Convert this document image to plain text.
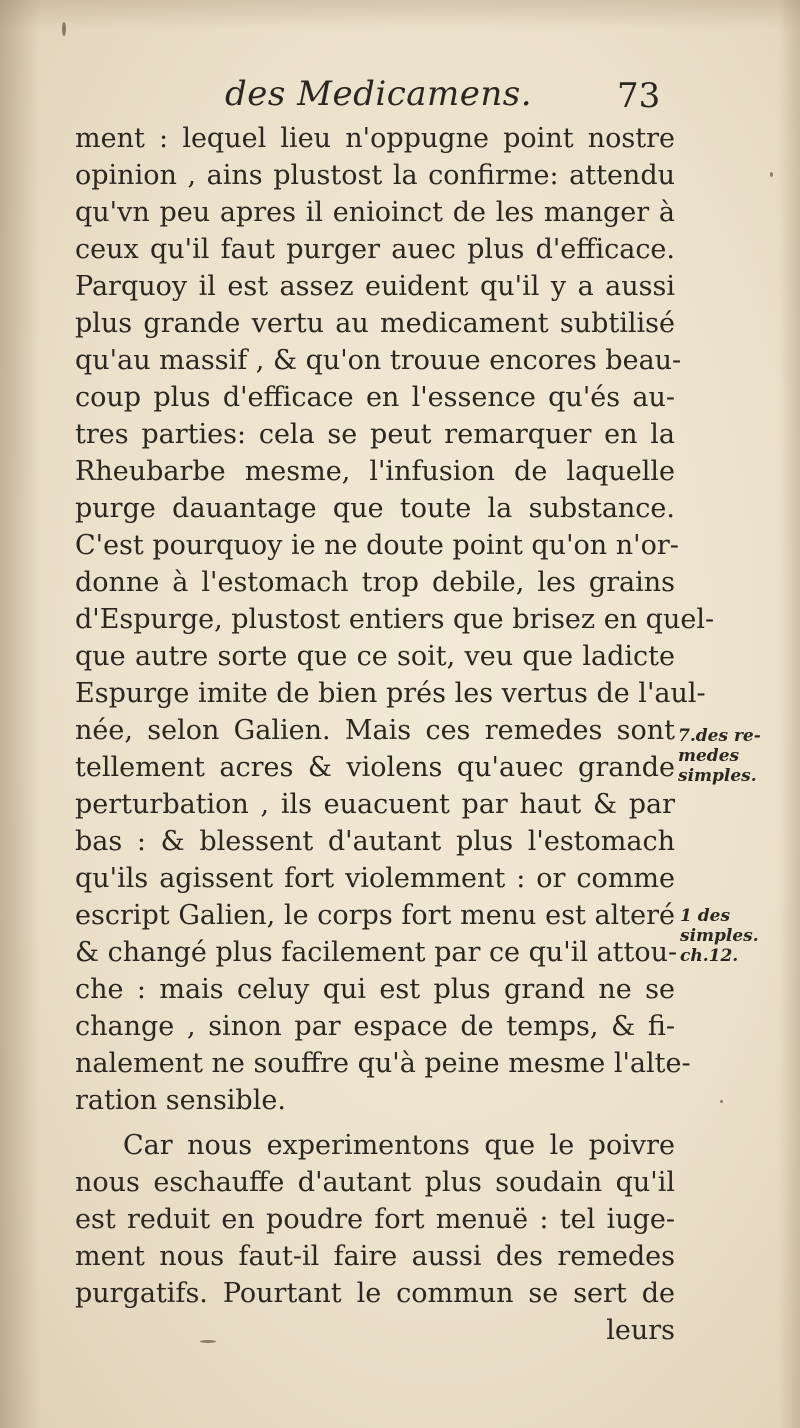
des Medicamens. 73
ment : lequel lieu n'oppugne point nostre
opinion , ains plustost la confirme: attendu
qu'vn peu apres il enioinct de les manger à
ceux qu'il faut purger auec plus d'efficace.
Parquoy il est assez euident qu'il y a aussi
plus grande vertu au medicament subtilisé
qu'au massif , & qu'on trouue encores beau-
coup plus d'efficace en l'essence qu'és au-
tres parties: cela se peut remarquer en la
Rheubarbe mesme, l'infusion de laquelle
purge dauantage que toute la substance.
C'est pourquoy ie ne doute point qu'on n'or-
donne à l'estomach trop debile, les grains
d'Espurge, plustost entiers que brisez en quel-
que autre sorte que ce soit, veu que ladicte
Espurge imite de bien prés les vertus de l'aul-
née, selon Galien. Mais ces remedes sont
tellement acres & violens qu'auec grande
perturbation , ils euacuent par haut & par
bas : & blessent d'autant plus l'estomach
qu'ils agissent fort violemment : or comme
escript Galien, le corps fort menu est alteré
& changé plus facilement par ce qu'il attou-
che : mais celuy qui est plus grand ne se
change , sinon par espace de temps, & fi-
nalement ne souffre qu'à peine mesme l'alte-
ration sensible.
Car nous experimentons que le poivre
nous eschauffe d'autant plus soudain qu'il
est reduit en poudre fort menuë : tel iuge-
ment nous faut-il faire aussi des remedes
purgatifs. Pourtant le commun se sert de
leurs
7.des re-
medes
simples.
1 des
simples.
ch.12.
